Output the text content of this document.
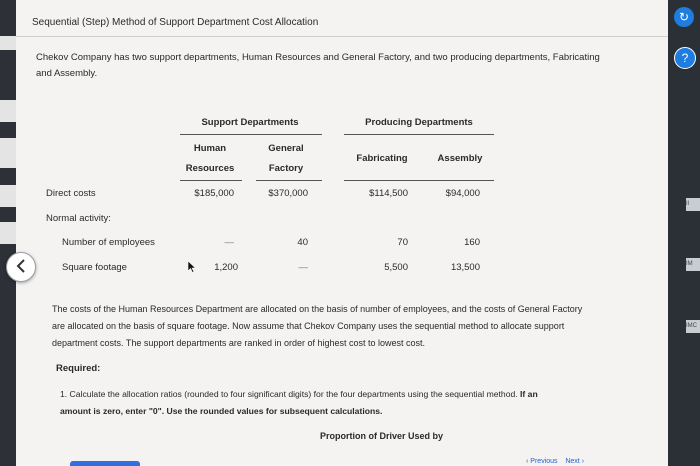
Sequential (Step) Method of Support Department Cost Allocation
Chekov Company has two support departments, Human Resources and General Factory, and two producing departments, Fabricating
and Assembly.
Support Departments	Producing Departments
Human
Resources
General
Factory
Fabricating	Assembly
Direct costs	$185,000	$370,000	$114,500	$94,000
Normal activity:
Number of employees	—	40	70	160
Square footage	1,200	—	5,500	13,500
The costs of the Human Resources Department are allocated on the basis of number of employees, and the costs of General Factory
are allocated on the basis of square footage. Now assume that Chekov Company uses the sequential method to allocate support
department costs. The support departments are ranked in order of highest cost to lowest cost.
Required:
1. Calculate the allocation ratios (rounded to four significant digits) for the four departments using the sequential method. If an
amount is zero, enter "0". Use the rounded values for subsequent calculations.
Proportion of Driver Used by
‹ Previous Next ›
↻
?
Il
IM
IMC
